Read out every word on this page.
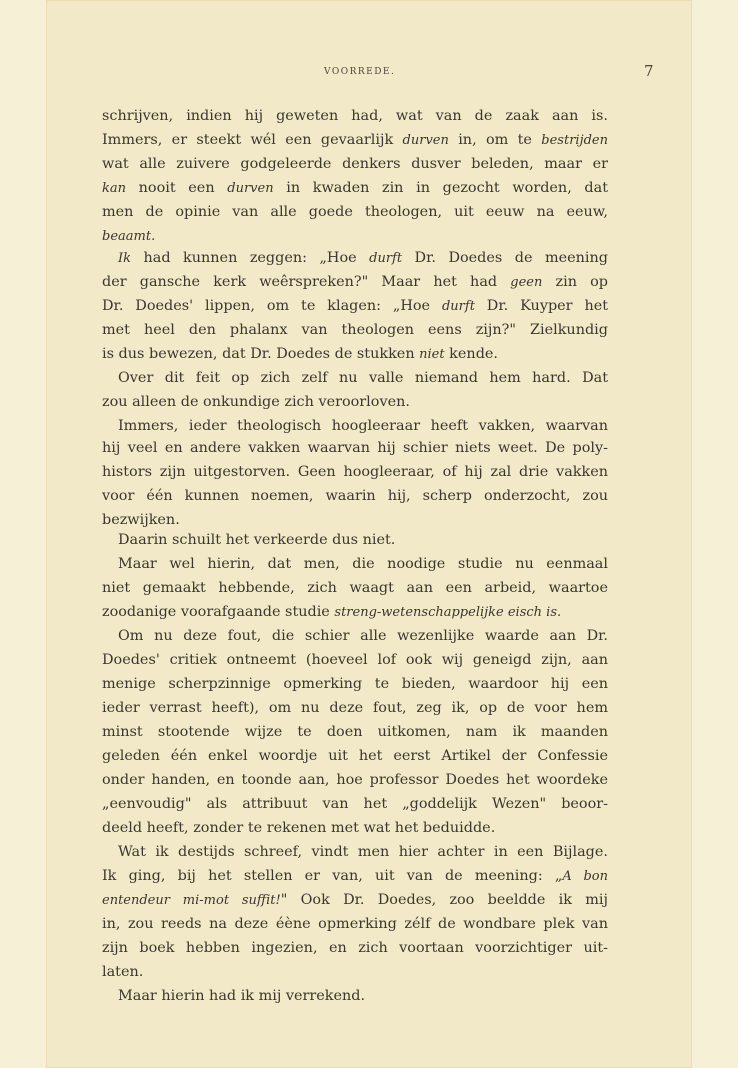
VOORREDE.	7
schrijven, indien hij geweten had, wat van de zaak aan is.
Immers, er steekt wél een gevaarlijk durven in, om te bestrijden
wat alle zuivere godgeleerde denkers dusver beleden, maar er
kan nooit een durven in kwaden zin in gezocht worden, dat
men de opinie van alle goede theologen, uit eeuw na eeuw,
beaamt.
Ik had kunnen zeggen: „Hoe durft Dr. Doedes de meening
der gansche kerk weêrspreken?" Maar het had geen zin op
Dr. Doedes' lippen, om te klagen: „Hoe durft Dr. Kuyper het
met heel den phalanx van theologen eens zijn?" Zielkundig
is dus bewezen, dat Dr. Doedes de stukken niet kende.
Over dit feit op zich zelf nu valle niemand hem hard. Dat
zou alleen de onkundige zich veroorloven.
Immers, ieder theologisch hoogleeraar heeft vakken, waarvan
hij veel en andere vakken waarvan hij schier niets weet. De poly-
histors zijn uitgestorven. Geen hoogleeraar, of hij zal drie vakken
voor één kunnen noemen, waarin hij, scherp onderzocht, zou
bezwijken.
Daarin schuilt het verkeerde dus niet.
Maar wel hierin, dat men, die noodige studie nu eenmaal
niet gemaakt hebbende, zich waagt aan een arbeid, waartoe
zoodanige voorafgaande studie streng-wetenschappelijke eisch is.
Om nu deze fout, die schier alle wezenlijke waarde aan Dr.
Doedes' critiek ontneemt (hoeveel lof ook wij geneigd zijn, aan
menige scherpzinnige opmerking te bieden, waardoor hij een
ieder verrast heeft), om nu deze fout, zeg ik, op de voor hem
minst stootende wijze te doen uitkomen, nam ik maanden
geleden één enkel woordje uit het eerst Artikel der Confessie
onder handen, en toonde aan, hoe professor Doedes het woordeke
„eenvoudig" als attribuut van het „goddelijk Wezen" beoor-
deeld heeft, zonder te rekenen met wat het beduidde.
Wat ik destijds schreef, vindt men hier achter in een Bijlage.
Ik ging, bij het stellen er van, uit van de meening: „A bon
entendeur mi-mot suffit!" Ook Dr. Doedes, zoo beeldde ik mij
in, zou reeds na deze éène opmerking zélf de wondbare plek van
zijn boek hebben ingezien, en zich voortaan voorzichtiger uit-
laten.
Maar hierin had ik mij verrekend.
